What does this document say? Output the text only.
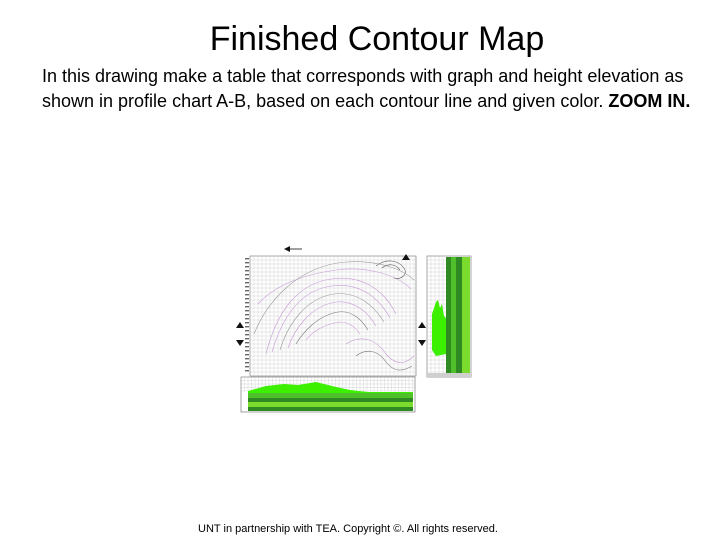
Finished Contour Map
In this drawing make a table that corresponds with graph and height elevation as shown in profile chart A-B, based on each contour line and given color. ZOOM IN.
UNT in partnership with TEA. Copyright ©. All rights reserved.
